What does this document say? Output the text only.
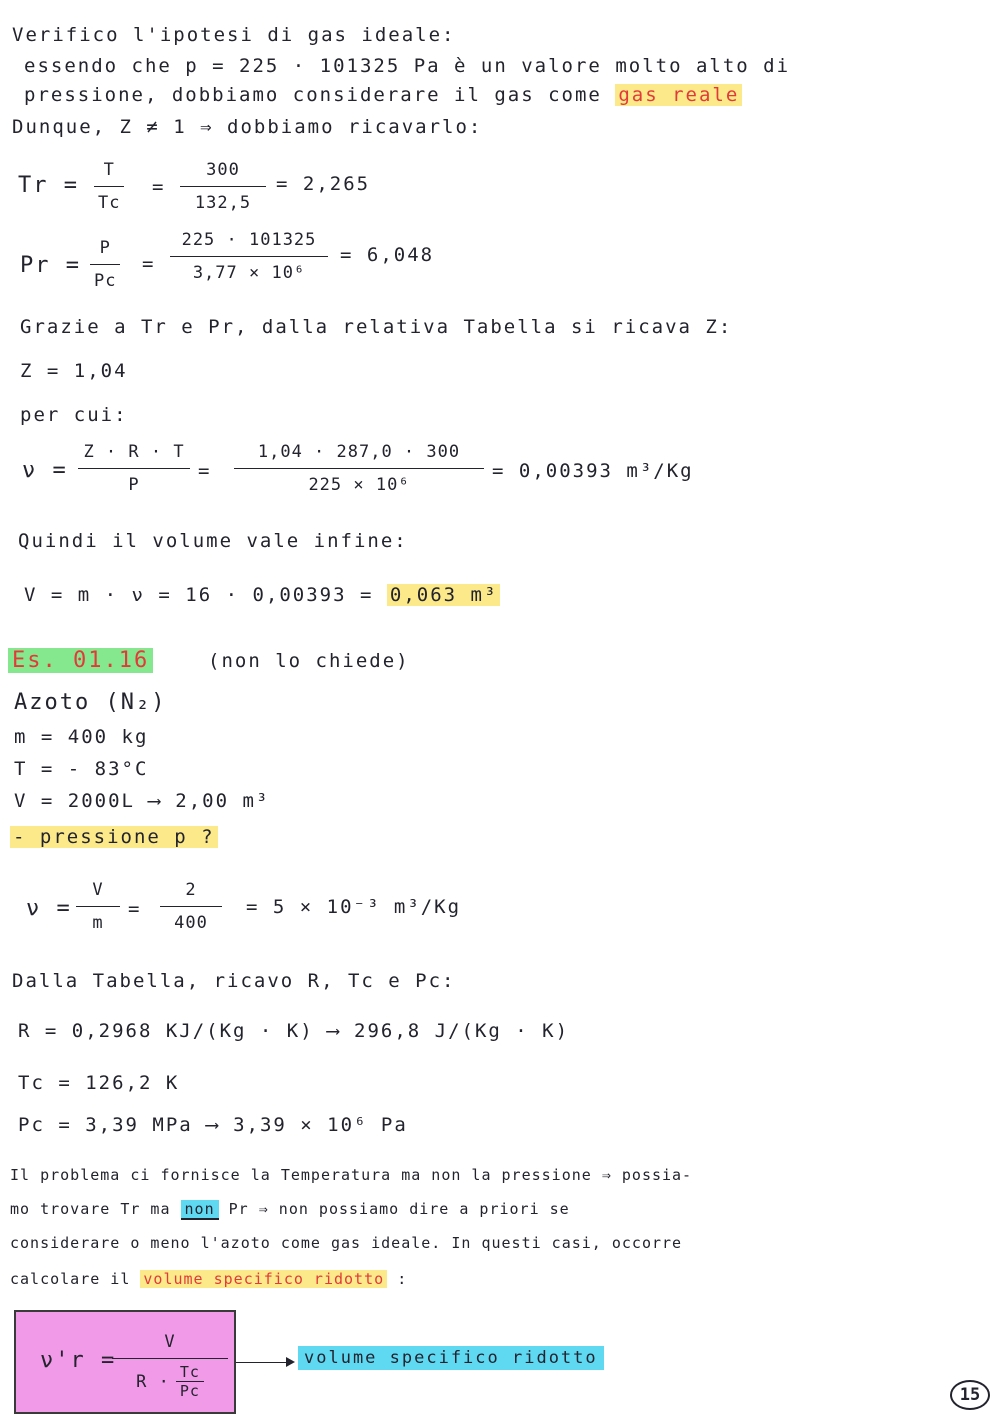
Verifico l'ipotesi di gas ideale:
essendo che p = 225 · 101325 Pa è un valore molto alto di
pressione, dobbiamo considerare il gas come gas reale
Dunque, Z ≠ 1 ⇒ dobbiamo ricavarlo:
Tr =
T
Tc
=
300
132,5
= 2,265
Pr =
P
Pc
=
225 · 101325
3,77 × 10⁶
= 6,048
Grazie a Tr e Pr, dalla relativa Tabella si ricava Z:
Z = 1,04
per cui:
ν =
Z · R · T
P
=
1,04 · 287,0 · 300
225 × 10⁶
= 0,00393 m³/Kg
Quindi il volume vale infine:
V = m · ν = 16 · 0,00393 = 0,063 m³
Es. 01.16	(non lo chiede)
Azoto (N₂)
m = 400 kg
T = - 83°C
V = 2000L ⟶ 2,00 m³
- pressione p ?
ν =
V
m
=
2
400
= 5 × 10⁻³ m³/Kg
Dalla Tabella, ricavo R, Tc e Pc:
R = 0,2968 KJ/(Kg · K) ⟶ 296,8 J/(Kg · K)
Tc = 126,2 K
Pc = 3,39 MPa ⟶ 3,39 × 10⁶ Pa
Il problema ci fornisce la Temperatura ma non la pressione ⇒ possia-
mo trovare Tr ma non Pr ⇒ non possiamo dire a priori se
considerare o meno l'azoto come gas ideale. In questi casi, occorre
calcolare il volume specifico ridotto :
ν'r =
V
R · Tc
Pc
volume specifico ridotto
15
